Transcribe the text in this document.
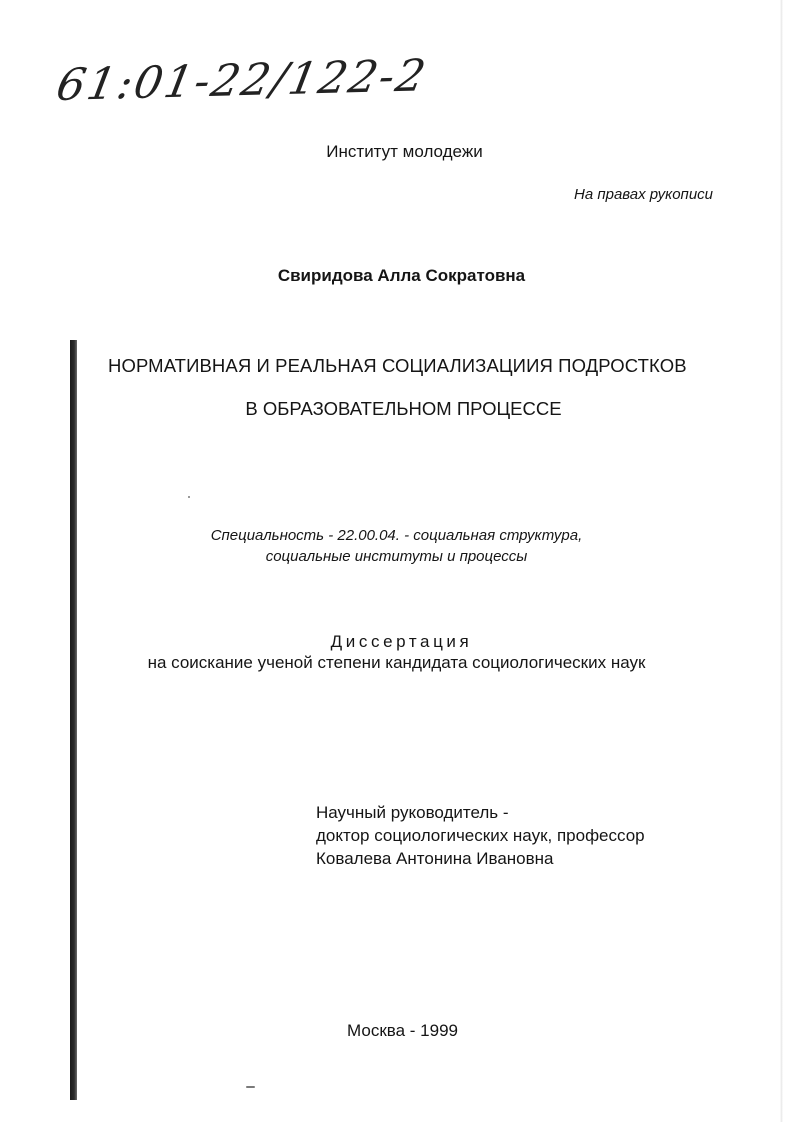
61:01-22/122-2
Институт молодежи
На правах рукописи
Свиридова Алла Сократовна
НОРМАТИВНАЯ И РЕАЛЬНАЯ СОЦИАЛИЗАЦИИЯ ПОДРОСТКОВ
В ОБРАЗОВАТЕЛЬНОМ ПРОЦЕССЕ
Специальность - 22.00.04. - социальная структура,
социальные институты и процессы
Диссертация
на соискание ученой степени кандидата социологических наук
Научный руководитель -
доктор социологических наук, профессор
Ковалева Антонина Ивановна
Москва - 1999
